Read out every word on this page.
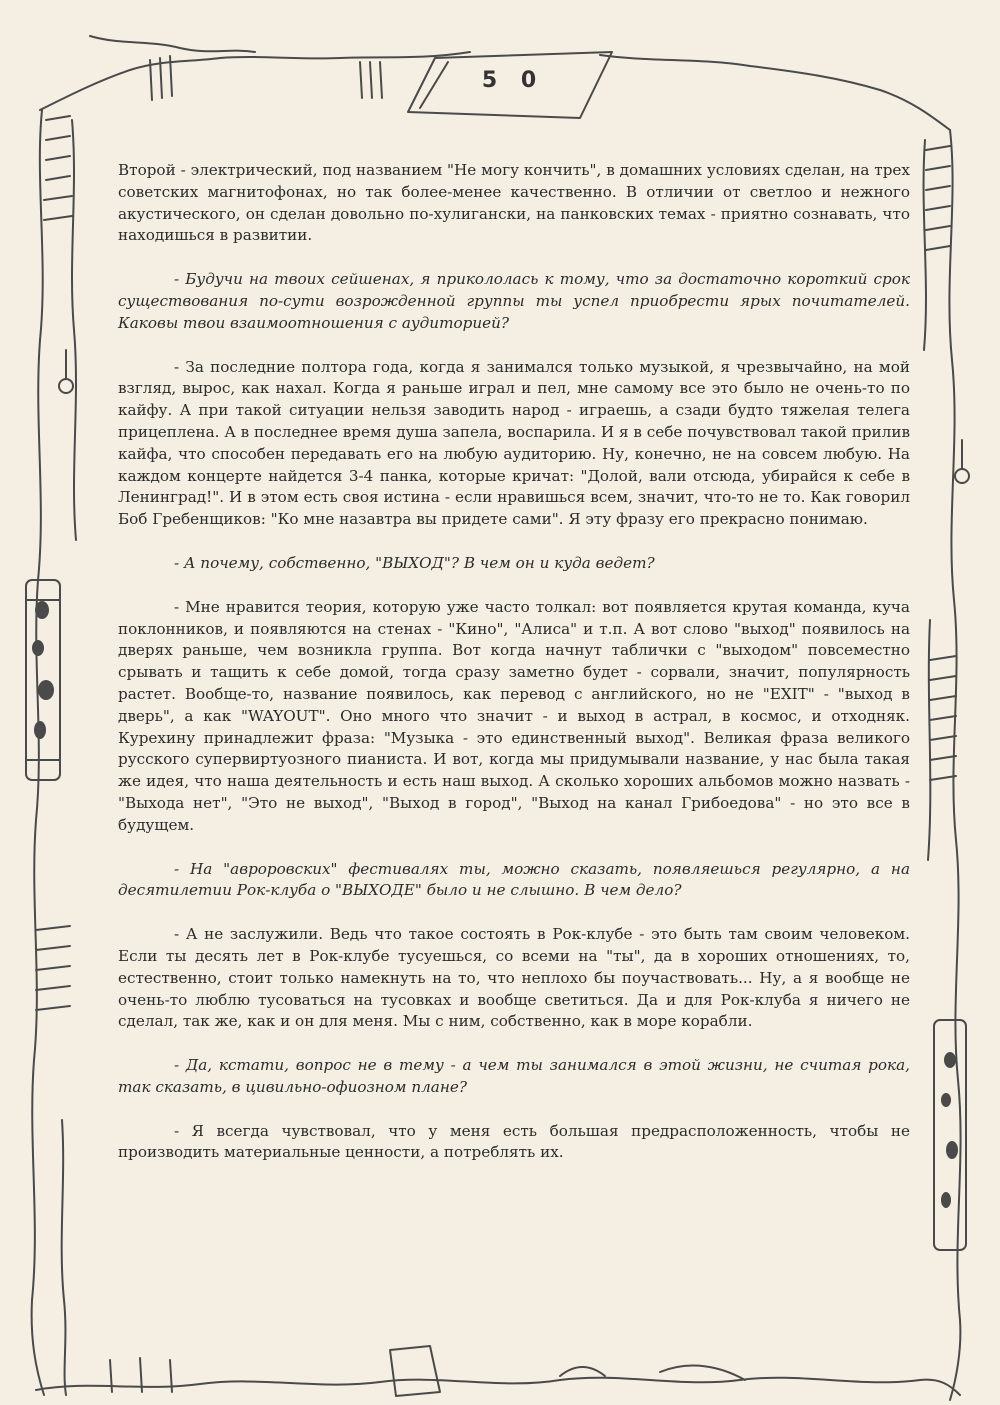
5 0

Второй - электрический, под названием "Не могу кончить", в домашних условиях сделан, на трех советских магнитофонах, но так более-менее качественно. В отличии от светлоо и нежного акустического, он сделан довольно по-хулигански, на панковских темах - приятно сознавать, что находишься в развитии.

- Будучи на твоих сейшенах, я прикололась к тому, что за достаточно короткий срок существования по-сути возрожденной группы ты успел приобрести ярых почитателей. Каковы твои взаимоотношения с аудиторией?

- За последние полтора года, когда я занимался только музыкой, я чрезвычайно, на мой взгляд, вырос, как нахал. Когда я раньше играл и пел, мне самому все это было не очень-то по кайфу. А при такой ситуации нельзя заводить народ - играешь, а сзади будто тяжелая телега прицеплена. А в последнее время душа запела, воспарила. И я в себе почувствовал такой прилив кайфа, что способен передавать его на любую аудиторию. Ну, конечно, не на совсем любую. На каждом концерте найдется 3-4 панка, которые кричат: "Долой, вали отсюда, убирайся к себе в Ленинград!". И в этом есть своя истина - если нравишься всем, значит, что-то не то. Как говорил Боб Гребенщиков: "Ко мне назавтра вы придете сами". Я эту фразу его прекрасно понимаю.

- А почему, собственно, "ВЫХОД"? В чем он и куда ведет?

- Мне нравится теория, которую уже часто толкал: вот появляется крутая команда, куча поклонников, и появляются на стенах - "Кино", "Алиса" и т.п. А вот слово "выход" появилось на дверях раньше, чем возникла группа. Вот когда начнут таблички с "выходом" повсеместно срывать и тащить к себе домой, тогда сразу заметно будет - сорвали, значит, популярность растет. Вообще-то, название появилось, как перевод с английского, но не "EXIT" - "выход в дверь", а как "WAYOUT". Оно много что значит - и выход в астрал, в космос, и отходняк. Курехину принадлежит фраза: "Музыка - это единственный выход". Великая фраза великого русского супервиртуозного пианиста. И вот, когда мы придумывали название, у нас была такая же идея, что наша деятельность и есть наш выход. А сколько хороших альбомов можно назвать - "Выхода нет", "Это не выход", "Выход в город", "Выход на канал Грибоедова" - но это все в будущем.

- На "авроровских" фестивалях ты, можно сказать, появляешься регулярно, а на десятилетии Рок-клуба о "ВЫХОДЕ" было и не слышно. В чем дело?

- А не заслужили. Ведь что такое состоять в Рок-клубе - это быть там своим человеком. Если ты десять лет в Рок-клубе тусуешься, со всеми на "ты", да в хороших отношениях, то, естественно, стоит только намекнуть на то, что неплохо бы поучаствовать... Ну, а я вообще не очень-то люблю тусоваться на тусовках и вообще светиться. Да и для Рок-клуба я ничего не сделал, так же, как и он для меня. Мы с ним, собственно, как в море корабли.

- Да, кстати, вопрос не в тему - а чем ты занимался в этой жизни, не считая рока, так сказать, в цивильно-офиозном плане?

- Я всегда чувствовал, что у меня есть большая предрасположенность, чтобы не производить материальные ценности, а потреблять их.
